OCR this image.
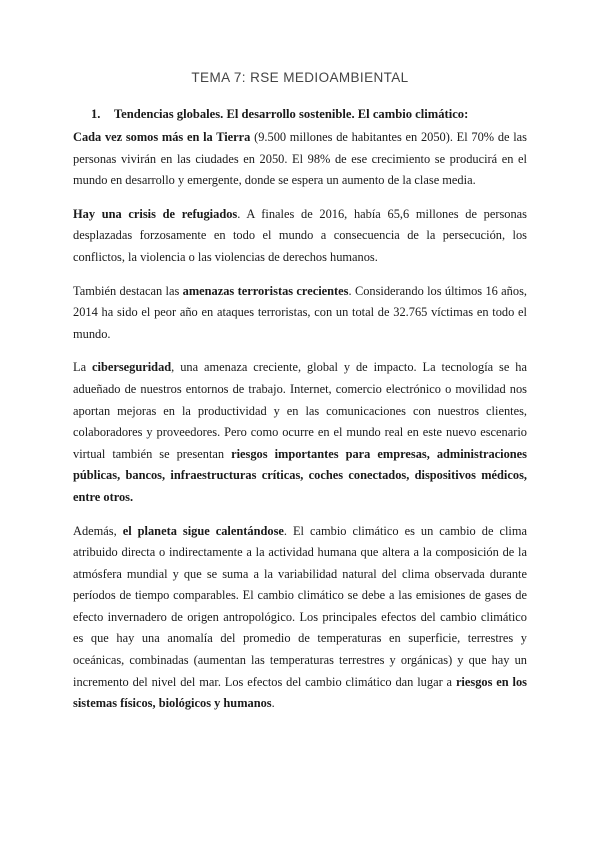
TEMA 7: RSE MEDIOAMBIENTAL
1. Tendencias globales. El desarrollo sostenible. El cambio climático:

Cada vez somos más en la Tierra (9.500 millones de habitantes en 2050). El 70% de las personas vivirán en las ciudades en 2050. El 98% de ese crecimiento se producirá en el mundo en desarrollo y emergente, donde se espera un aumento de la clase media.

Hay una crisis de refugiados. A finales de 2016, había 65,6 millones de personas desplazadas forzosamente en todo el mundo a consecuencia de la persecución, los conflictos, la violencia o las violencias de derechos humanos.

También destacan las amenazas terroristas crecientes. Considerando los últimos 16 años, 2014 ha sido el peor año en ataques terroristas, con un total de 32.765 víctimas en todo el mundo.

La ciberseguridad, una amenaza creciente, global y de impacto. La tecnología se ha adueñado de nuestros entornos de trabajo. Internet, comercio electrónico o movilidad nos aportan mejoras en la productividad y en las comunicaciones con nuestros clientes, colaboradores y proveedores. Pero como ocurre en el mundo real en este nuevo escenario virtual también se presentan riesgos importantes para empresas, administraciones públicas, bancos, infraestructuras críticas, coches conectados, dispositivos médicos, entre otros.

Además, el planeta sigue calentándose. El cambio climático es un cambio de clima atribuido directa o indirectamente a la actividad humana que altera a la composición de la atmósfera mundial y que se suma a la variabilidad natural del clima observada durante períodos de tiempo comparables. El cambio climático se debe a las emisiones de gases de efecto invernadero de origen antropológico. Los principales efectos del cambio climático es que hay una anomalía del promedio de temperaturas en superficie, terrestres y oceánicas, combinadas (aumentan las temperaturas terrestres y orgánicas) y que hay un incremento del nivel del mar. Los efectos del cambio climático dan lugar a riesgos en los sistemas físicos, biológicos y humanos.
